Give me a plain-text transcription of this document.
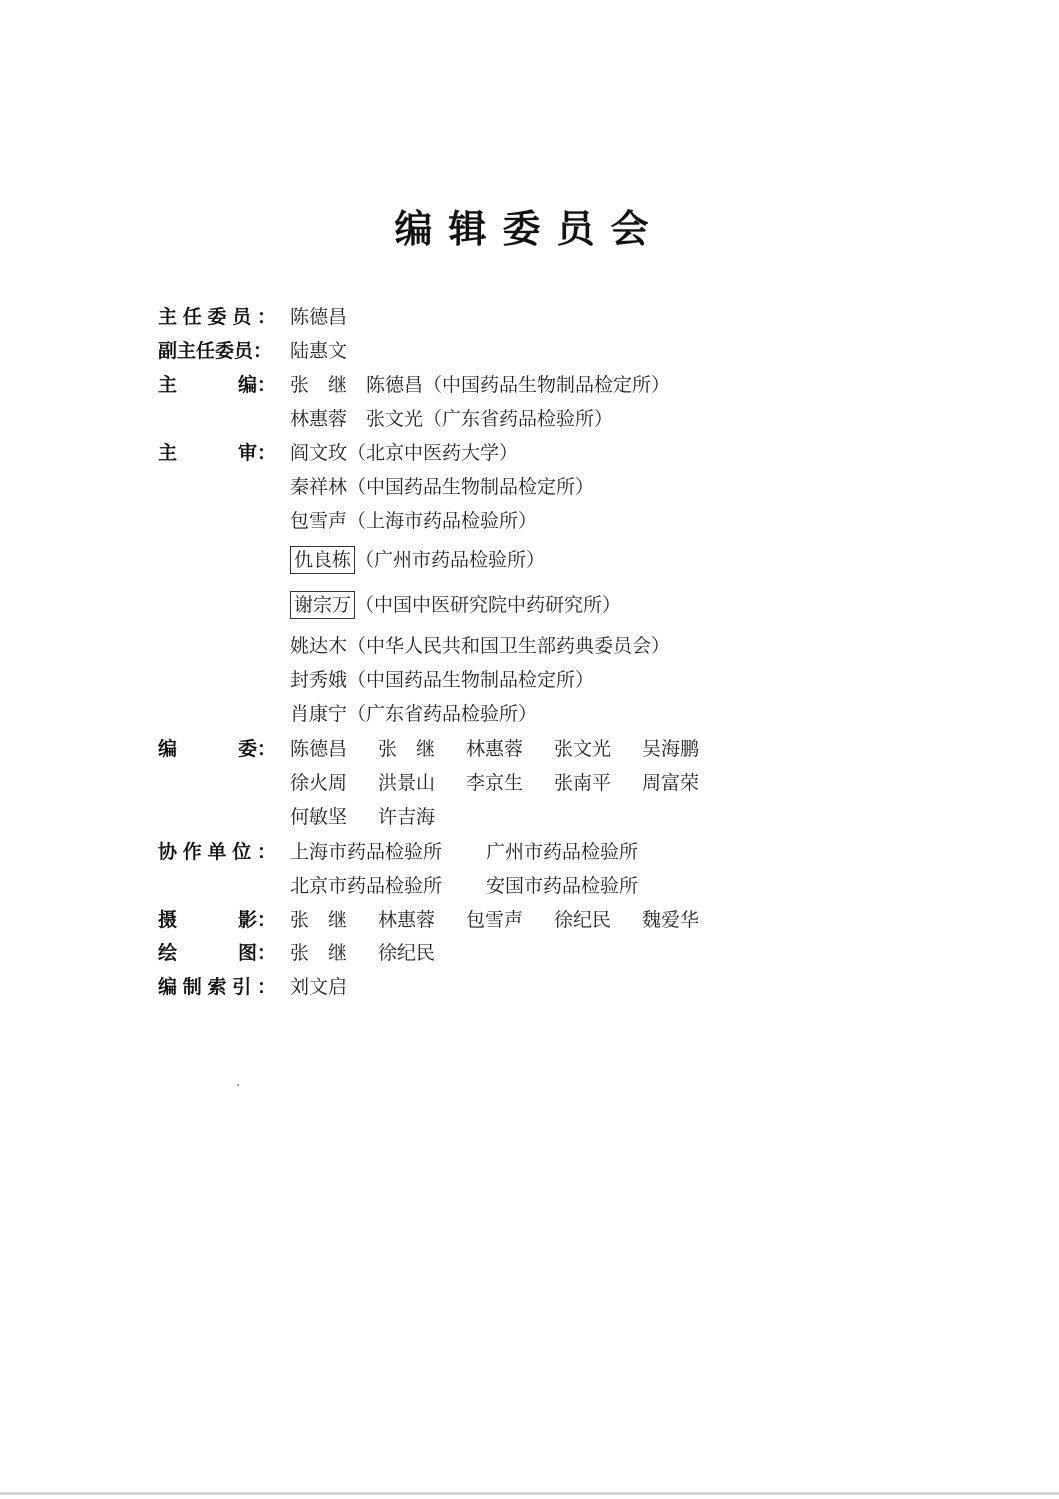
编辑委员会
主 任 委 员 ： 陈德昌
副主任委员： 陆惠文
主	编： 张　继　陈德昌（中国药品生物制品检定所）
林惠蓉　张文光（广东省药品检验所）
主	审： 阎文玫（北京中医药大学）
秦祥林（中国药品生物制品检定所）
包雪声（上海市药品检验所）
仇良栋 （广州市药品检验所）
谢宗万 （中国中医研究院中药研究所）
姚达木（中华人民共和国卫生部药典委员会）
封秀娥（中国药品生物制品检定所）
肖康宁（广东省药品检验所）
编	委： 陈德昌 张　继 林惠蓉 张文光 吴海鹏
徐火周 洪景山 李京生 张南平 周富荣
何敏坚 许吉海
协 作 单 位 ： 上海市药品检验所 广州市药品检验所
北京市药品检验所 安国市药品检验所
摄	影： 张　继 林惠蓉 包雪声 徐纪民 魏爱华
绘	图： 张　继 徐纪民
编 制 索 引 ： 刘文启
